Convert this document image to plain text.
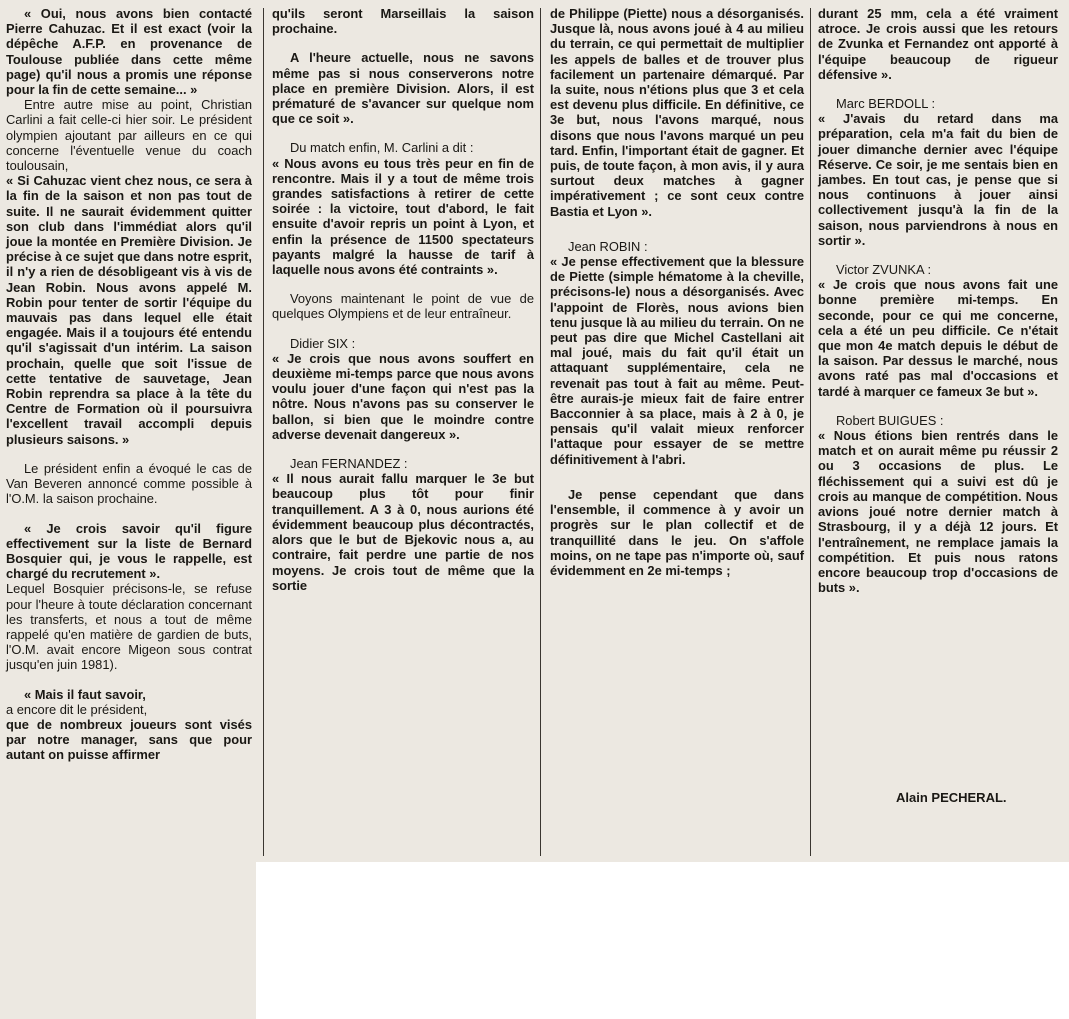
« Oui, nous avons bien contacté Pierre Cahuzac. Et il est exact (voir la dépêche A.F.P. en provenance de Toulouse publiée dans cette même page) qu'il nous a promis une réponse pour la fin de cette semaine... »

Entre autre mise au point, Christian Carlini a fait celle-ci hier soir. Le président olympien ajoutant par ailleurs en ce qui concerne l'éventuelle venue du coach toulousain,

« Si Cahuzac vient chez nous, ce sera à la fin de la saison et non pas tout de suite. Il ne saurait évidemment quitter son club dans l'immédiat alors qu'il joue la montée en Première Division. Je précise à ce sujet que dans notre esprit, il n'y a rien de désobligeant vis à vis de Jean Robin. Nous avons appelé M. Robin pour tenter de sortir l'équipe du mauvais pas dans lequel elle était engagée. Mais il a toujours été entendu qu'il s'agissait d'un intérim. La saison prochain, quelle que soit l'issue de cette tentative de sauvetage, Jean Robin reprendra sa place à la tête du Centre de Formation où il poursuivra l'excellent travail accompli depuis plusieurs saisons. »

Le président enfin a évoqué le cas de Van Beveren annoncé comme possible à l'O.M. la saison prochaine.

« Je crois savoir qu'il figure effectivement sur la liste de Bernard Bosquier qui, je vous le rappelle, est chargé du recrutement ».

Lequel Bosquier précisons-le, se refuse pour l'heure à toute déclaration concernant les transferts, et nous a tout de même rappelé qu'en matière de gardien de buts, l'O.M. avait encore Migeon sous contrat jusqu'en juin 1981).

« Mais il faut savoir,

a encore dit le président,

que de nombreux joueurs sont visés par notre manager, sans que pour autant on puisse affirmer

qu'ils seront Marseillais la saison prochaine.

A l'heure actuelle, nous ne savons même pas si nous conserverons notre place en première Division. Alors, il est prématuré de s'avancer sur quelque nom que ce soit ».

Du match enfin, M. Carlini a dit :

« Nous avons eu tous très peur en fin de rencontre. Mais il y a tout de même trois grandes satisfactions à retirer de cette soirée : la victoire, tout d'abord, le fait ensuite d'avoir repris un point à Lyon, et enfin la présence de 11500 spectateurs payants malgré la hausse de tarif à laquelle nous avons été contraints ».

Voyons maintenant le point de vue de quelques Olympiens et de leur entraîneur.

Didier SIX :

« Je crois que nous avons souffert en deuxième mi-temps parce que nous avons voulu jouer d'une façon qui n'est pas la nôtre. Nous n'avons pas su conserver le ballon, si bien que le moindre contre adverse devenait dangereux ».

Jean FERNANDEZ :

« Il nous aurait fallu marquer le 3e but beaucoup plus tôt pour finir tranquillement. A 3 à 0, nous aurions été évidemment beaucoup plus décontractés, alors que le but de Bjekovic nous a, au contraire, fait perdre une partie de nos moyens. Je crois tout de même que la sortie

de Philippe (Piette) nous a désorganisés. Jusque là, nous avons joué à 4 au milieu du terrain, ce qui permettait de multiplier les appels de balles et de trouver plus facilement un partenaire démarqué. Par la suite, nous n'étions plus que 3 et cela est devenu plus difficile. En définitive, ce 3e but, nous l'avons marqué, nous disons que nous l'avons marqué un peu tard. Enfin, l'important était de gagner. Et puis, de toute façon, à mon avis, il y aura surtout deux matches à gagner impérativement ; ce sont ceux contre Bastia et Lyon ».

Jean ROBIN :

« Je pense effectivement que la blessure de Piette (simple hématome à la cheville, précisons-le) nous a désorganisés. Avec l'appoint de Florès, nous avions bien tenu jusque là au milieu du terrain. On ne peut pas dire que Michel Castellani ait mal joué, mais du fait qu'il était un attaquant supplémentaire, cela ne revenait pas tout à fait au même. Peut-être aurais-je mieux fait de faire entrer Bacconnier à sa place, mais à 2 à 0, je pensais qu'il valait mieux renforcer l'attaque pour essayer de se mettre définitivement à l'abri.

Je pense cependant que dans l'ensemble, il commence à y avoir un progrès sur le plan collectif et de tranquillité dans le jeu. On s'affole moins, on ne tape pas n'importe où, sauf évidemment en 2e mi-temps ;

durant 25 mm, cela a été vraiment atroce. Je crois aussi que les retours de Zvunka et Fernandez ont apporté à l'équipe beaucoup de rigueur défensive ».

Marc BERDOLL :

« J'avais du retard dans ma préparation, cela m'a fait du bien de jouer dimanche dernier avec l'équipe Réserve. Ce soir, je me sentais bien en jambes. En tout cas, je pense que si nous continuons à jouer ainsi collectivement jusqu'à la fin de la saison, nous parviendrons à nous en sortir ».

Victor ZVUNKA :

« Je crois que nous avons fait une bonne première mi-temps. En seconde, pour ce qui me concerne, cela a été un peu difficile. Ce n'était que mon 4e match depuis le début de la saison. Par dessus le marché, nous avons raté pas mal d'occasions et tardé à marquer ce fameux 3e but ».

Robert BUIGUES :

« Nous étions bien rentrés dans le match et on aurait même pu réussir 2 ou 3 occasions de plus. Le fléchissement qui a suivi est dû je crois au manque de compétition. Nous avions joué notre dernier match à Strasbourg, il y a déjà 12 jours. Et l'entraînement, ne remplace jamais la compétition. Et puis nous ratons encore beaucoup trop d'occasions de buts ».

Alain PECHERAL.
